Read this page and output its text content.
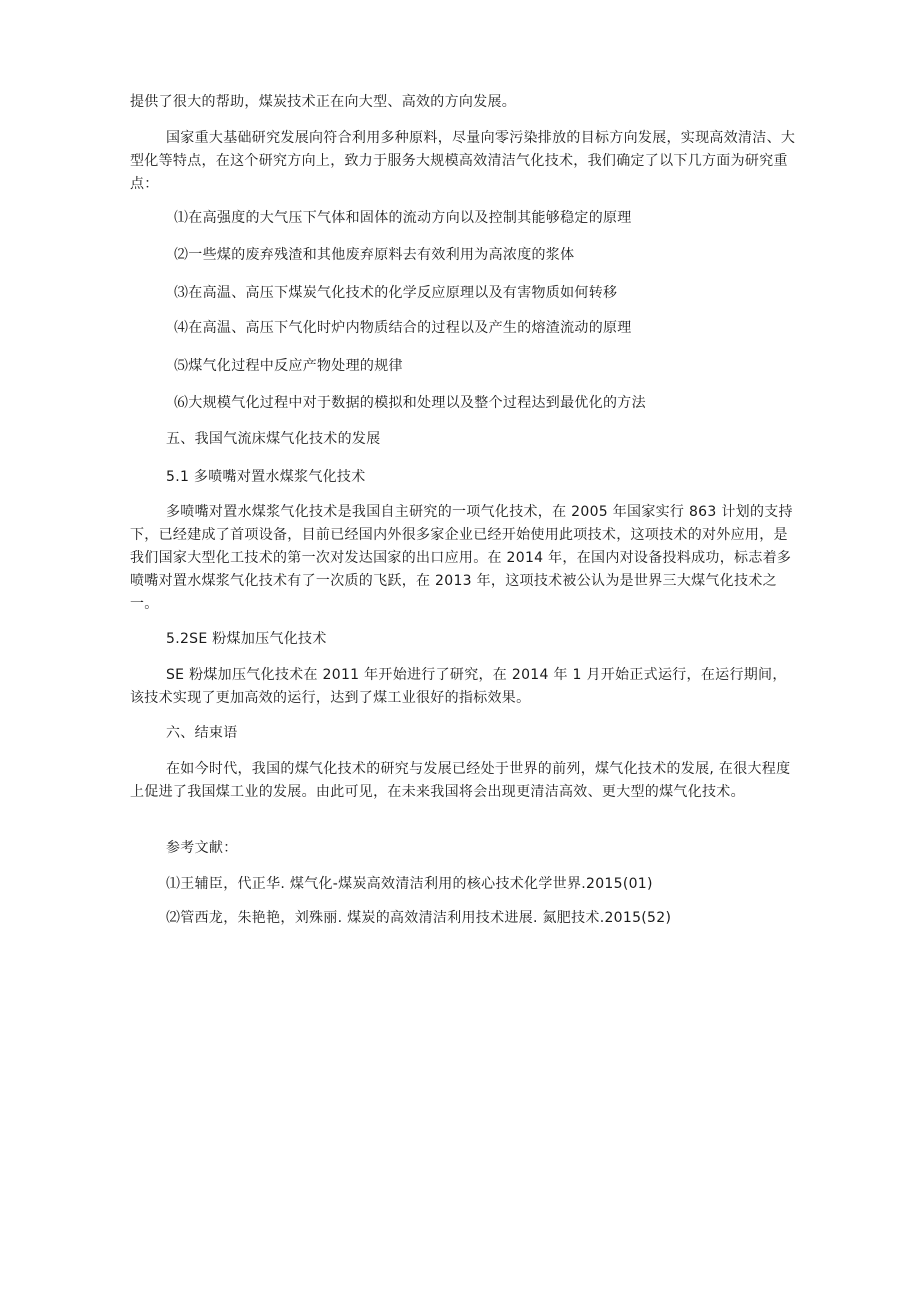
提供了很大的帮助，煤炭技术正在向大型、高效的方向发展。

国家重大基础研究发展向符合利用多种原料，尽量向零污染排放的目标方向发展，实现高效清洁、大型化等特点，在这个研究方向上，致力于服务大规模高效清洁气化技术，我们确定了以下几方面为研究重点：

⑴在高强度的大气压下气体和固体的流动方向以及控制其能够稳定的原理

⑵一些煤的废弃残渣和其他废弃原料去有效利用为高浓度的浆体

⑶在高温、高压下煤炭气化技术的化学反应原理以及有害物质如何转移

⑷在高温、高压下气化时炉内物质结合的过程以及产生的熔渣流动的原理

⑸煤气化过程中反应产物处理的规律

⑹大规模气化过程中对于数据的模拟和处理以及整个过程达到最优化的方法

五、我国气流床煤气化技术的发展

5.1 多喷嘴对置水煤浆气化技术

多喷嘴对置水煤浆气化技术是我国自主研究的一项气化技术，在 2005 年国家实行 863 计划的支持下，已经建成了首项设备，目前已经国内外很多家企业已经开始使用此项技术，这项技术的对外应用，是我们国家大型化工技术的第一次对发达国家的出口应用。在 2014 年，在国内对设备投料成功，标志着多喷嘴对置水煤浆气化技术有了一次质的飞跃，在 2013 年，这项技术被公认为是世界三大煤气化技术之一。

5.2SE 粉煤加压气化技术

SE 粉煤加压气化技术在 2011 年开始进行了研究，在 2014 年 1 月开始正式运行，在运行期间，该技术实现了更加高效的运行，达到了煤工业很好的指标效果。

六、结束语

在如今时代，我国的煤气化技术的研究与发展已经处于世界的前列，煤气化技术的发展, 在很大程度上促进了我国煤工业的发展。由此可见，在未来我国将会出现更清洁高效、更大型的煤气化技术。

参考文献：

⑴王辅臣，代正华. 煤气化-煤炭高效清洁利用的核心技术化学世界.2015(01)

⑵管西龙，朱艳艳，刘殊丽. 煤炭的高效清洁利用技术进展. 氮肥技术.2015(52)
